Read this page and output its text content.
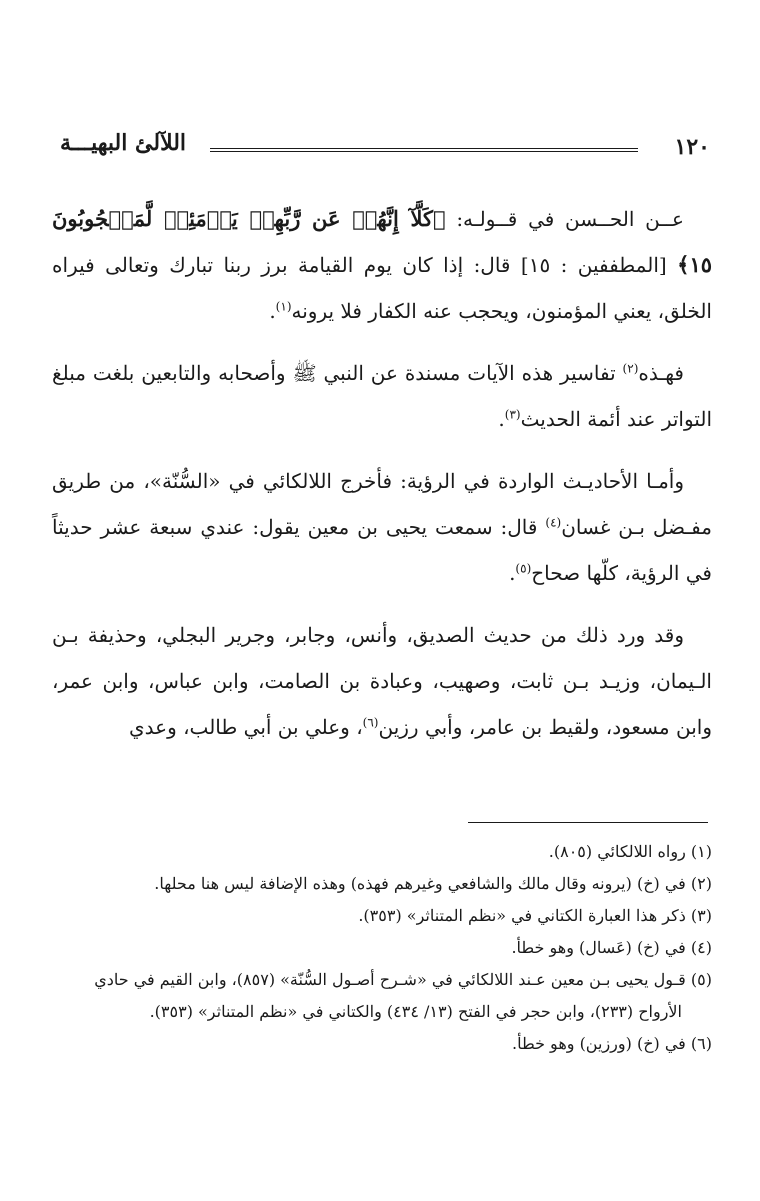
١٢٠
اللآلئ البهيـــة

عــن الحــسن في قــولـه: ﴿كَلَّآ إِنَّهُمۡ عَن رَّبِّهِمۡ يَوۡمَئِذٖ لَّمَحۡجُوبُونَ ١٥﴾ [المطففين : ١٥] قال: إذا كان يوم القيامة برز ربنا تبارك وتعالى فيراه الخلق، يعني المؤمنون، ويحجب عنه الكفار فلا يرونه$^{(١)}$.

فهـذه$^{(٢)}$ تفاسير هذه الآيات مسندة عن النبي ﷺ وأصحابه والتابعين بلغت مبلغ التواتر عند أئمة الحديث$^{(٣)}$.

وأمـا الأحاديـث الواردة في الرؤية: فأخرج اللالكائي في «السُّنّة»، من طريق مفـضل بـن غسان$^{(٤)}$ قال: سمعت يحيى بن معين يقول: عندي سبعة عشر حديثاً في الرؤية، كلّها صحاح$^{(٥)}$.

وقد ورد ذلك من حديث الصديق، وأنس، وجابر، وجرير البجلي، وحذيفة بـن الـيمان، وزيـد بـن ثابت، وصهيب، وعبادة بن الصامت، وابن عباس، وابن عمر، وابن مسعود، ولقيط بن عامر، وأبي رزين$^{(٦)}$، وعلي بن أبي طالب، وعدي

(١) رواه اللالكائي (٨٠٥).

(٢) في (خ) (يرونه وقال مالك والشافعي وغيرهم فهذه) وهذه الإضافة ليس هنا محلها.

(٣) ذكر هذا العبارة الكتاني في «نظم المتناثر» (٣٥٣).

(٤) في (خ) (عَسال) وهو خطأ.

(٥) قـول يحيى بـن معين عـند اللالكائي في «شـرح أصـول السُّنّة» (٨٥٧)، وابن القيم في حادي

الأرواح (٢٣٣)، وابن حجر في الفتح (١٣/ ٤٣٤) والكتاني في «نظم المتناثر» (٣٥٣).

(٦) في (خ) (ورزين) وهو خطأ.
